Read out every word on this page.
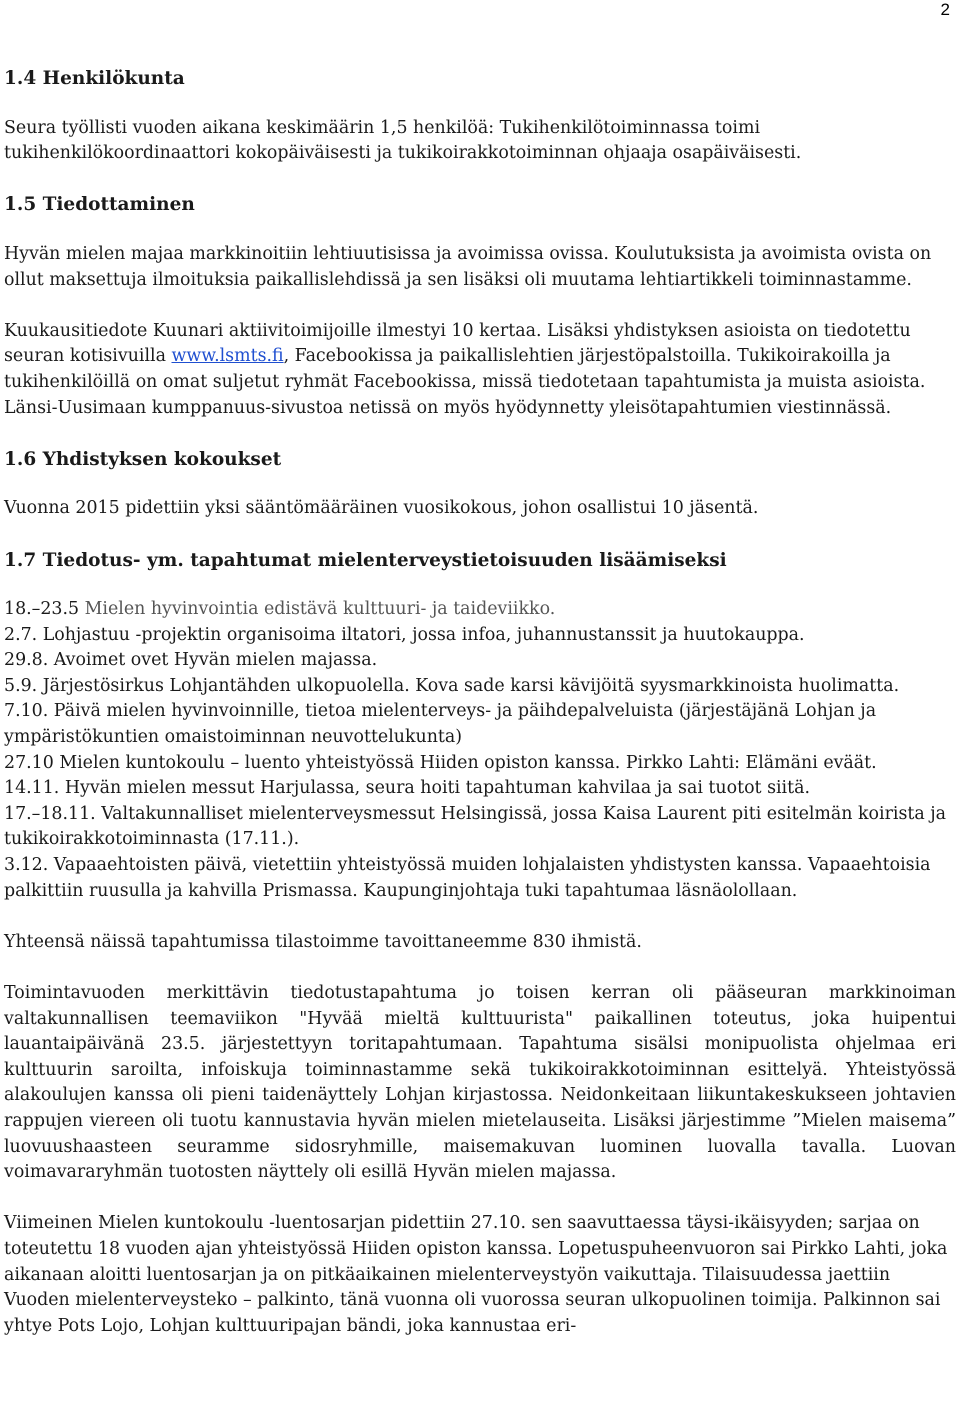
2
1.4 Henkilökunta

Seura työllisti vuoden aikana keskimäärin 1,5 henkilöä: Tukihenkilötoiminnassa toimi tukihenkilökoordinaattori kokopäiväisesti ja tukikoirakkotoiminnan ohjaaja osapäiväisesti.

1.5 Tiedottaminen

Hyvän mielen majaa markkinoitiin lehtiuutisissa ja avoimissa ovissa. Koulutuksista ja avoimista ovista on ollut maksettuja ilmoituksia paikallislehdissä ja sen lisäksi oli muutama lehtiartikkeli toiminnastamme.

Kuukausitiedote Kuunari aktiivitoimijoille ilmestyi 10 kertaa. Lisäksi yhdistyksen asioista on tiedotettu seuran kotisivuilla www.lsmts.fi, Facebookissa ja paikallislehtien järjestöpalstoilla. Tukikoirakoilla ja tukihenkilöillä on omat suljetut ryhmät Facebookissa, missä tiedotetaan tapahtumista ja muista asioista. Länsi-Uusimaan kumppanuus-sivustoa netissä on myös hyödynnetty yleisötapahtumien viestinnässä.

1.6 Yhdistyksen kokoukset

Vuonna 2015 pidettiin yksi sääntömääräinen vuosikokous, johon osallistui 10 jäsentä.

1.7 Tiedotus- ym. tapahtumat mielenterveystietoisuuden lisäämiseksi
18.–23.5 Mielen hyvinvointia edistävä kulttuuri- ja taideviikko.
2.7. Lohjastuu -projektin organisoima iltatori, jossa infoa, juhannustanssit ja huutokauppa.
29.8. Avoimet ovet Hyvän mielen majassa.
5.9. Järjestösirkus Lohjantähden ulkopuolella. Kova sade karsi kävijöitä syysmarkkinoista huolimatta.
7.10. Päivä mielen hyvinvoinnille, tietoa mielenterveys- ja päihdepalveluista (järjestäjänä Lohjan ja ympäristökuntien omaistoiminnan neuvottelukunta)
27.10 Mielen kuntokoulu – luento yhteistyössä Hiiden opiston kanssa. Pirkko Lahti: Elämäni eväät.
14.11. Hyvän mielen messut Harjulassa, seura hoiti tapahtuman kahvilaa ja sai tuotot siitä.
17.–18.11. Valtakunnalliset mielenterveysmessut Helsingissä, jossa Kaisa Laurent piti esitelmän koirista ja tukikoirakkotoiminnasta (17.11.).
3.12. Vapaaehtoisten päivä, vietettiin yhteistyössä muiden lohjalaisten yhdistysten kanssa. Vapaaehtoisia palkittiin ruusulla ja kahvilla Prismassa. Kaupunginjohtaja tuki tapahtumaa läsnäolollaan.

Yhteensä näissä tapahtumissa tilastoimme tavoittaneemme 830 ihmistä.

Toimintavuoden merkittävin tiedotustapahtuma jo toisen kerran oli pääseuran markkinoiman valtakunnallisen teemaviikon "Hyvää mieltä kulttuurista" paikallinen toteutus, joka huipentui lauantaipäivänä 23.5. järjestettyyn toritapahtumaan. Tapahtuma sisälsi monipuolista ohjelmaa eri kulttuurin saroilta, infoiskuja toiminnastamme sekä tukikoirakkotoiminnan esittelyä. Yhteistyössä alakoulujen kanssa oli pieni taidenäyttely Lohjan kirjastossa. Neidonkeitaan liikuntakeskukseen johtavien rappujen viereen oli tuotu kannustavia hyvän mielen mietelauseita. Lisäksi järjestimme ”Mielen maisema” luovuushaasteen seuramme sidosryhmille, maisemakuvan luominen luovalla tavalla. Luovan voimavararyhmän tuotosten näyttely oli esillä Hyvän mielen majassa.

Viimeinen Mielen kuntokoulu -luentosarjan pidettiin 27.10. sen saavuttaessa täysi-ikäisyyden; sarjaa on toteutettu 18 vuoden ajan yhteistyössä Hiiden opiston kanssa. Lopetuspuheenvuoron sai Pirkko Lahti, joka aikanaan aloitti luentosarjan ja on pitkäaikainen mielenterveystyön vaikuttaja. Tilaisuudessa jaettiin Vuoden mielenterveysteko – palkinto, tänä vuonna oli vuorossa seuran ulkopuolinen toimija. Palkinnon sai yhtye Pots Lojo, Lohjan kulttuuripajan bändi, joka kannustaa eri-
